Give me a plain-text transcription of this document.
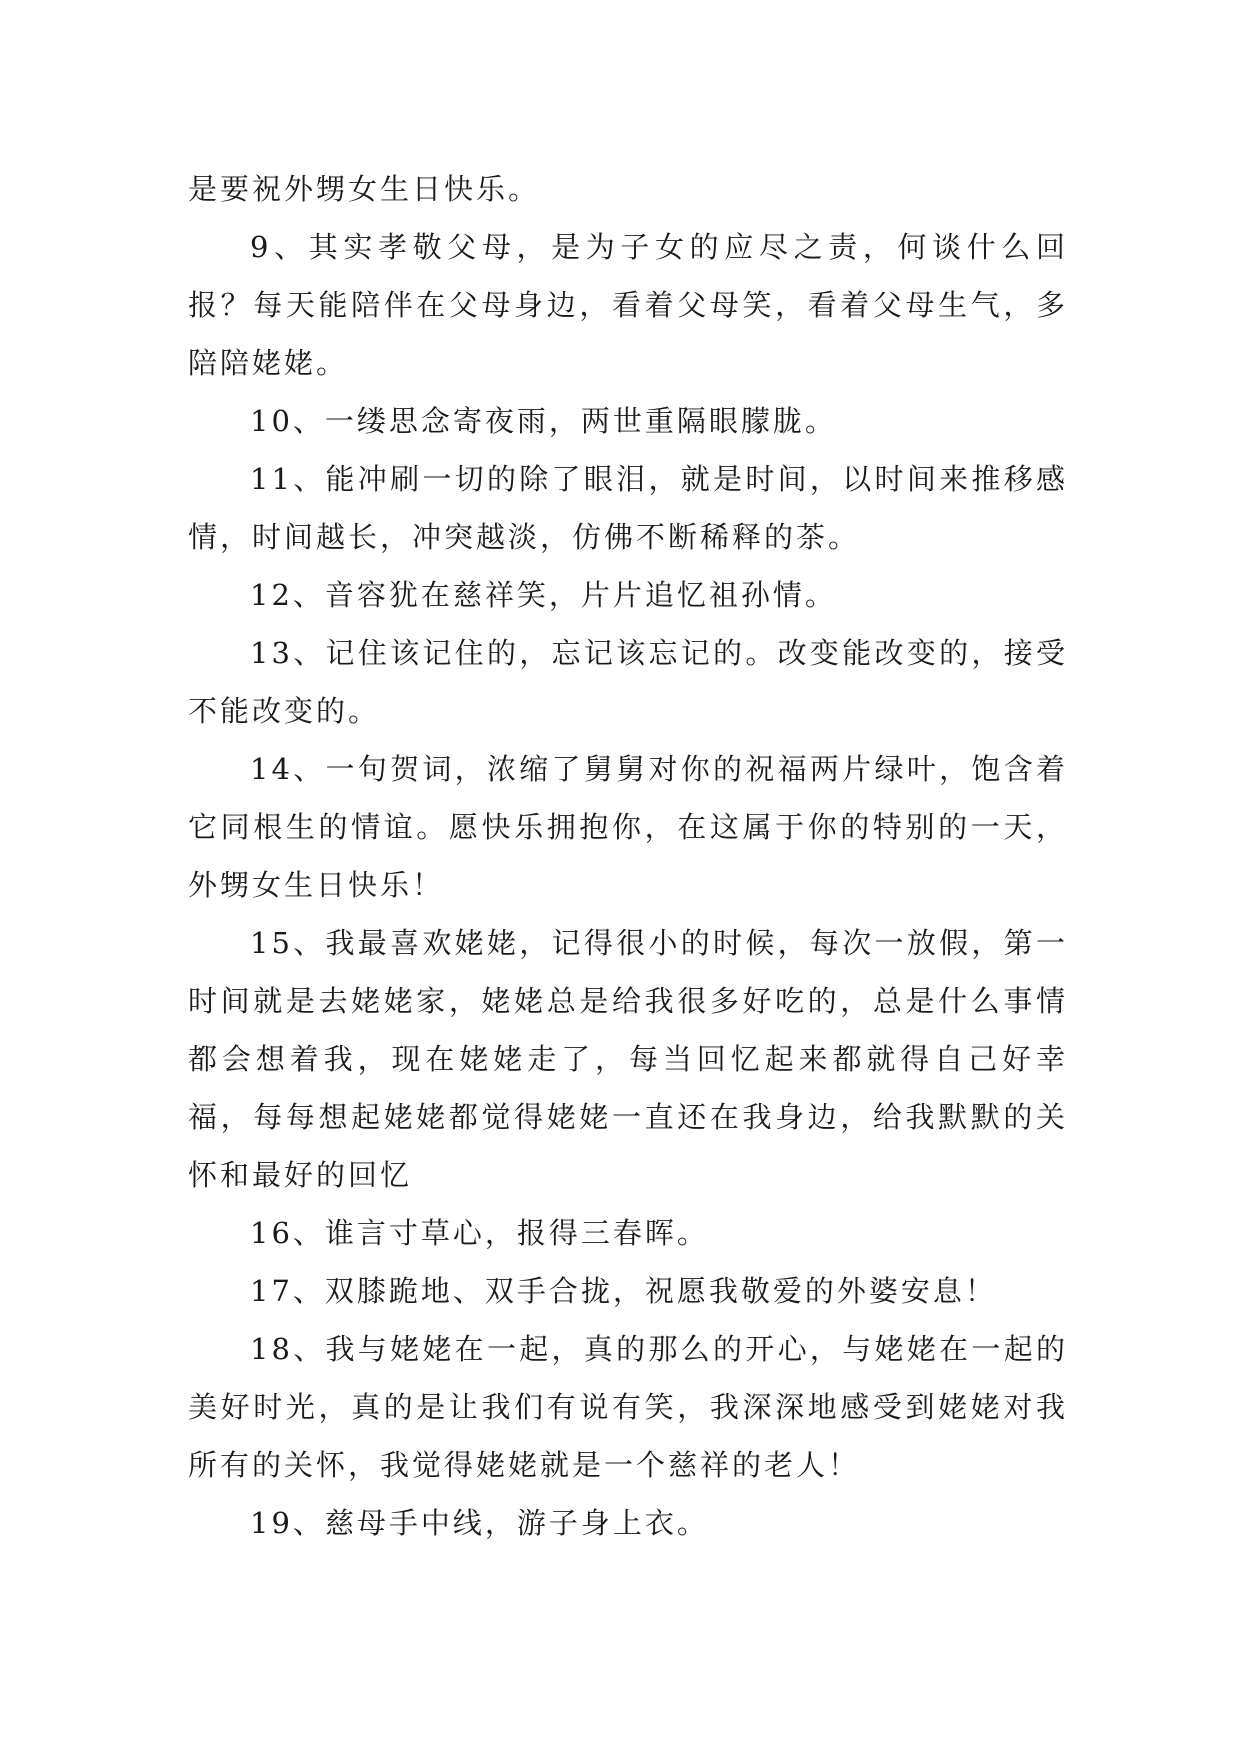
是要祝外甥女生日快乐。

9、其实孝敬父母，是为子女的应尽之责，何谈什么回报？每天能陪伴在父母身边，看着父母笑，看着父母生气，多陪陪姥姥。

10、一缕思念寄夜雨，两世重隔眼朦胧。

11、能冲刷一切的除了眼泪，就是时间，以时间来推移感情，时间越长，冲突越淡，仿佛不断稀释的茶。

12、音容犹在慈祥笑，片片追忆祖孙情。

13、记住该记住的，忘记该忘记的。改变能改变的，接受不能改变的。

14、一句贺词，浓缩了舅舅对你的祝福两片绿叶，饱含着它同根生的情谊。愿快乐拥抱你，在这属于你的特别的一天，外甥女生日快乐！

15、我最喜欢姥姥，记得很小的时候，每次一放假，第一时间就是去姥姥家，姥姥总是给我很多好吃的，总是什么事情都会想着我，现在姥姥走了，每当回忆起来都就得自己好幸福，每每想起姥姥都觉得姥姥一直还在我身边，给我默默的关怀和最好的回忆

16、谁言寸草心，报得三春晖。

17、双膝跪地、双手合拢，祝愿我敬爱的外婆安息！

18、我与姥姥在一起，真的那么的开心，与姥姥在一起的美好时光，真的是让我们有说有笑，我深深地感受到姥姥对我所有的关怀，我觉得姥姥就是一个慈祥的老人！

19、慈母手中线，游子身上衣。
